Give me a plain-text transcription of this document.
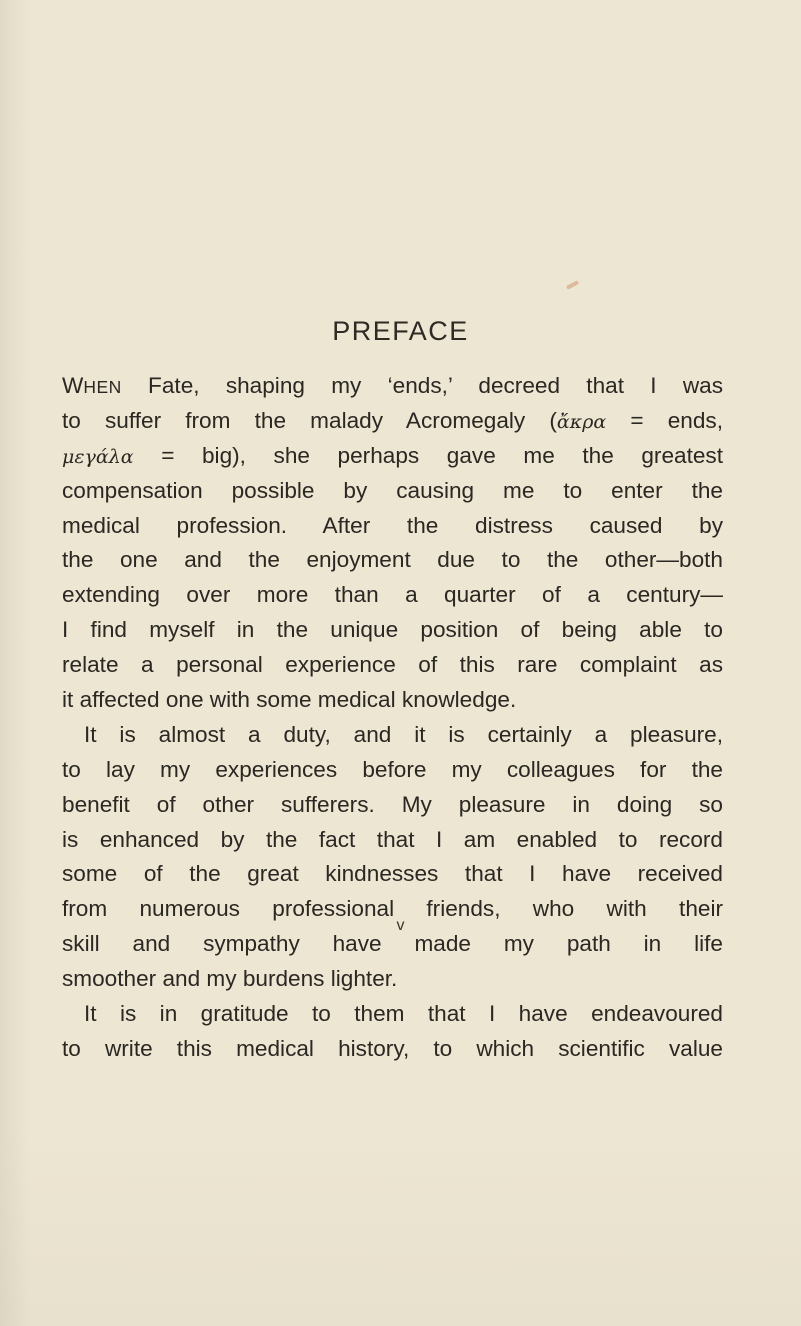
PREFACE
WHEN Fate, shaping my ‘ends,’ decreed that I was
to suffer from the malady Acromegaly (ἄκρα = ends,
μεγάλα = big), she perhaps gave me the greatest
compensation possible by causing me to enter the
medical profession. After the distress caused by
the one and the enjoyment due to the other—both
extending over more than a quarter of a century—
I find myself in the unique position of being able to
relate a personal experience of this rare complaint as
it affected one with some medical knowledge.
It is almost a duty, and it is certainly a pleasure,
to lay my experiences before my colleagues for the
benefit of other sufferers. My pleasure in doing so
is enhanced by the fact that I am enabled to record
some of the great kindnesses that I have received
from numerous professional friends, who with their
skill and sympathy have made my path in life
smoother and my burdens lighter.
It is in gratitude to them that I have endeavoured
to write this medical history, to which scientific value
v
